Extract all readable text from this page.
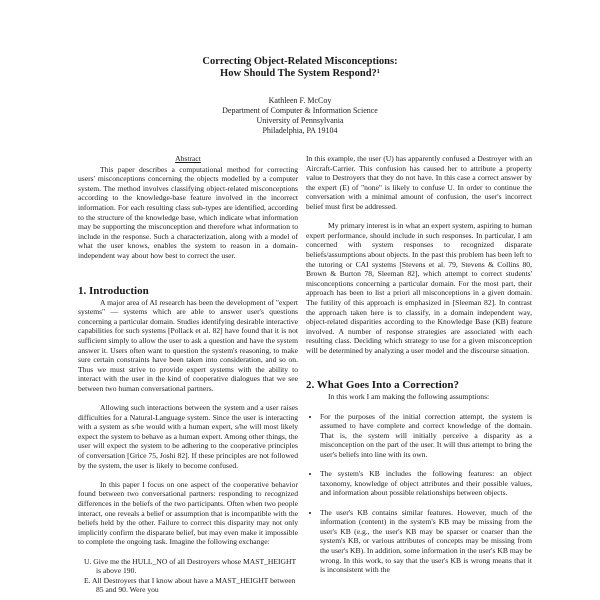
Correcting Object-Related Misconceptions:
How Should The System Respond?¹
Kathleen F. McCoy
Department of Computer & Information Science
University of Pennsylvania
Philadelphia, PA 19104
Abstract

This paper describes a computational method for correcting users' misconceptions concerning the objects modelled by a computer system. The method involves classifying object-related misconceptions according to the knowledge-base feature involved in the incorrect information. For each resulting class sub-types are identified, according to the structure of the knowledge base, which indicate what information may be supporting the misconception and therefore what information to include in the response. Such a characterization, along with a model of what the user knows, enables the system to reason in a domain-independent way about how best to correct the user.

1. Introduction

A major area of AI research has been the development of "expert systems" — systems which are able to answer user's questions concerning a particular domain. Studies identifying desirable interactive capabilities for such systems [Pollack et al. 82] have found that it is not sufficient simply to allow the user to ask a question and have the system answer it. Users often want to question the system's reasoning, to make sure certain constraints have been taken into consideration, and so on. Thus we must strive to provide expert systems with the ability to interact with the user in the kind of cooperative dialogues that we see between two human conversational partners.

Allowing such interactions between the system and a user raises difficulties for a Natural-Language system. Since the user is interacting with a system as s/he would with a human expert, s/he will most likely expect the system to behave as a human expert. Among other things, the user will expect the system to be adhering to the cooperative principles of conversation [Grice 75, Joshi 82]. If these principles are not followed by the system, the user is likely to become confused.

In this paper I focus on one aspect of the cooperative behavior found between two conversational partners: responding to recognized differences in the beliefs of the two participants. Often when two people interact, one reveals a belief or assumption that is incompatible with the beliefs held by the other. Failure to correct this disparity may not only implicitly confirm the disparate belief, but may even make it impossible to complete the ongoing task. Imagine the following exchange:

U. Give me the HULL_NO of all Destroyers whose MAST_HEIGHT is above 190.
E. All Destroyers that I know about have a MAST_HEIGHT between 85 and 90. Were you

In this example, the user (U) has apparently confused a Destroyer with an Aircraft-Carrier. This confusion has caused her to attribute a property value to Destroyers that they do not have. In this case a correct answer by the expert (E) of "none" is likely to confuse U. In order to continue the conversation with a minimal amount of confusion, the user's incorrect belief must first be addressed.

My primary interest is in what an expert system, aspiring to human expert performance, should include in such responses. In particular, I am concerned with system responses to recognized disparate beliefs/assumptions about objects. In the past this problem has been left to the tutoring or CAI systems [Stevens et al. 79, Stevens & Collins 80, Brown & Burton 78, Sleeman 82], which attempt to correct students' misconceptions concerning a particular domain. For the most part, their approach has been to list a priori all misconceptions in a given domain. The futility of this approach is emphasized in [Sleeman 82]. In contrast the approach taken here is to classify, in a domain independent way, object-related disparities according to the Knowledge Base (KB) feature involved. A number of response strategies are associated with each resulting class. Deciding which strategy to use for a given misconception will be determined by analyzing a user model and the discourse situation.

2. What Goes Into a Correction?

In this work I am making the following assumptions:

• For the purposes of the initial correction attempt, the system is assumed to have complete and correct knowledge of the domain. That is, the system will initially perceive a disparity as a misconception on the part of the user. It will thus attempt to bring the user's beliefs into line with its own.
• The system's KB includes the following features: an object taxonomy, knowledge of object attributes and their possible values, and information about possible relationships between objects.
• The user's KB contains similar features. However, much of the information (content) in the system's KB may be missing from the user's KB (e.g., the user's KB may be sparser or coarser than the system's KB, or various attributes of concepts may be missing from the user's KB). In addition, some information in the user's KB may be wrong. In this work, to say that the user's KB is wrong means that it is inconsistent with the
